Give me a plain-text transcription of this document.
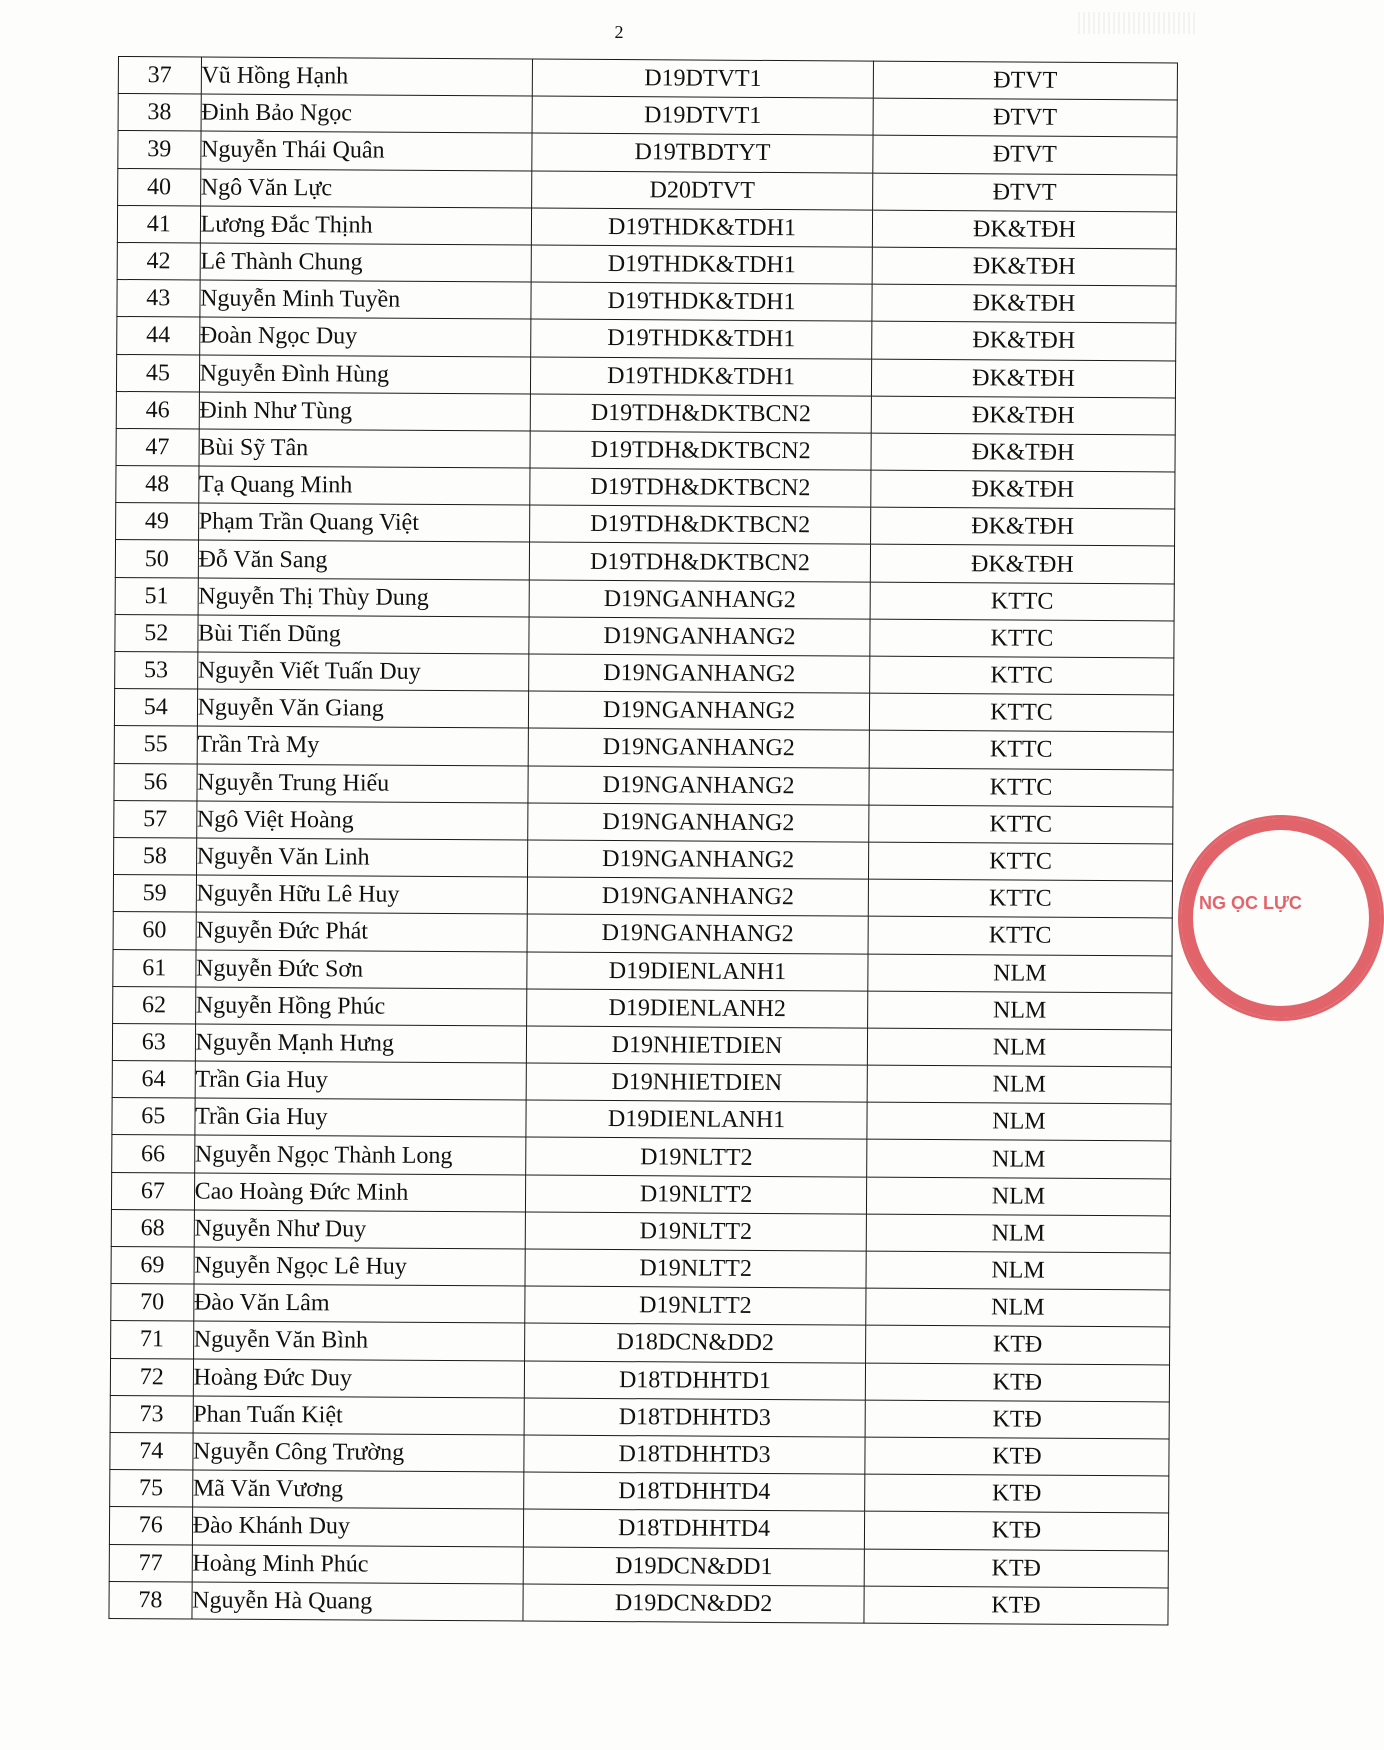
2
37	Vũ Hồng Hạnh	D19DTVT1	ĐTVT
38	Đinh Bảo Ngọc	D19DTVT1	ĐTVT
39	Nguyễn Thái Quân	D19TBDTYT	ĐTVT
40	Ngô Văn Lực	D20DTVT	ĐTVT
41	Lương Đắc Thịnh	D19THDK&TDH1	ĐK&TĐH
42	Lê Thành Chung	D19THDK&TDH1	ĐK&TĐH
43	Nguyễn Minh Tuyền	D19THDK&TDH1	ĐK&TĐH
44	Đoàn Ngọc Duy	D19THDK&TDH1	ĐK&TĐH
45	Nguyễn Đình Hùng	D19THDK&TDH1	ĐK&TĐH
46	Đinh Như Tùng	D19TDH&DKTBCN2	ĐK&TĐH
47	Bùi Sỹ Tân	D19TDH&DKTBCN2	ĐK&TĐH
48	Tạ Quang Minh	D19TDH&DKTBCN2	ĐK&TĐH
49	Phạm Trần Quang Việt	D19TDH&DKTBCN2	ĐK&TĐH
50	Đỗ Văn Sang	D19TDH&DKTBCN2	ĐK&TĐH
51	Nguyễn Thị Thùy Dung	D19NGANHANG2	KTTC
52	Bùi Tiến Dũng	D19NGANHANG2	KTTC
53	Nguyễn Viết Tuấn Duy	D19NGANHANG2	KTTC
54	Nguyễn Văn Giang	D19NGANHANG2	KTTC
55	Trần Trà My	D19NGANHANG2	KTTC
56	Nguyễn Trung Hiếu	D19NGANHANG2	KTTC
57	Ngô Việt Hoàng	D19NGANHANG2	KTTC
58	Nguyễn Văn Linh	D19NGANHANG2	KTTC
59	Nguyễn Hữu Lê Huy	D19NGANHANG2	KTTC
60	Nguyễn Đức Phát	D19NGANHANG2	KTTC
61	Nguyễn Đức Sơn	D19DIENLANH1	NLM
62	Nguyễn Hồng Phúc	D19DIENLANH2	NLM
63	Nguyễn Mạnh Hưng	D19NHIETDIEN	NLM
64	Trần Gia Huy	D19NHIETDIEN	NLM
65	Trần Gia Huy	D19DIENLANH1	NLM
66	Nguyễn Ngọc Thành Long	D19NLTT2	NLM
67	Cao Hoàng Đức Minh	D19NLTT2	NLM
68	Nguyễn Như Duy	D19NLTT2	NLM
69	Nguyễn Ngọc Lê Huy	D19NLTT2	NLM
70	Đào Văn Lâm	D19NLTT2	NLM
71	Nguyễn Văn Bình	D18DCN&DD2	KTĐ
72	Hoàng Đức Duy	D18TDHHTD1	KTĐ
73	Phan Tuấn Kiệt	D18TDHHTD3	KTĐ
74	Nguyễn Công Trường	D18TDHHTD3	KTĐ
75	Mã Văn Vương	D18TDHHTD4	KTĐ
76	Đào Khánh Duy	D18TDHHTD4	KTĐ
77	Hoàng Minh Phúc	D19DCN&DD1	KTĐ
78	Nguyễn Hà Quang	D19DCN&DD2	KTĐ
NG ỌC LỰC
